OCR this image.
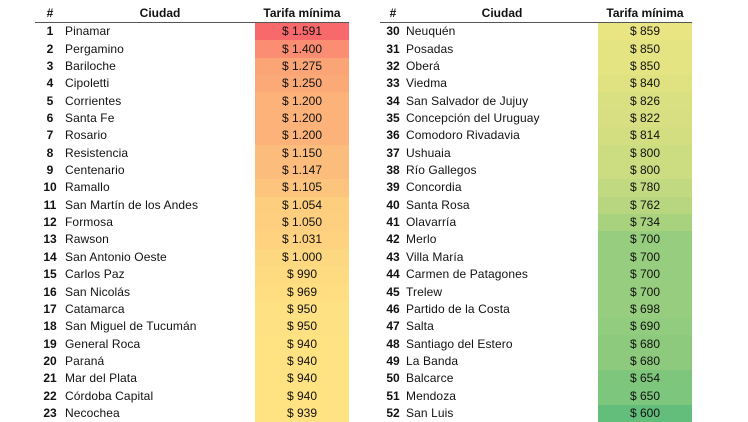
#	Ciudad	Tarifa mínima
1	Pinamar	$ 1.591
2	Pergamino	$ 1.400
3	Bariloche	$ 1.275
4	Cipoletti	$ 1.250
5	Corrientes	$ 1.200
6	Santa Fe	$ 1.200
7	Rosario	$ 1.200
8	Resistencia	$ 1.150
9	Centenario	$ 1.147
10	Ramallo	$ 1.105
11	San Martín de los Andes	$ 1.054
12	Formosa	$ 1.050
13	Rawson	$ 1.031
14	San Antonio Oeste	$ 1.000
15	Carlos Paz	$ 990
16	San Nicolás	$ 969
17	Catamarca	$ 950
18	San Miguel de Tucumán	$ 950
19	General Roca	$ 940
20	Paraná	$ 940
21	Mar del Plata	$ 940
22	Córdoba Capital	$ 940
23	Necochea	$ 939
#	Ciudad	Tarifa mínima
30	Neuquén	$ 859
31	Posadas	$ 850
32	Oberá	$ 850
33	Viedma	$ 840
34	San Salvador de Jujuy	$ 826
35	Concepción del Uruguay	$ 822
36	Comodoro Rivadavia	$ 814
37	Ushuaia	$ 800
38	Río Gallegos	$ 800
39	Concordia	$ 780
40	Santa Rosa	$ 762
41	Olavarría	$ 734
42	Merlo	$ 700
43	Villa María	$ 700
44	Carmen de Patagones	$ 700
45	Trelew	$ 700
46	Partido de la Costa	$ 698
47	Salta	$ 690
48	Santiago del Estero	$ 680
49	La Banda	$ 680
50	Balcarce	$ 654
51	Mendoza	$ 650
52	San Luis	$ 600
